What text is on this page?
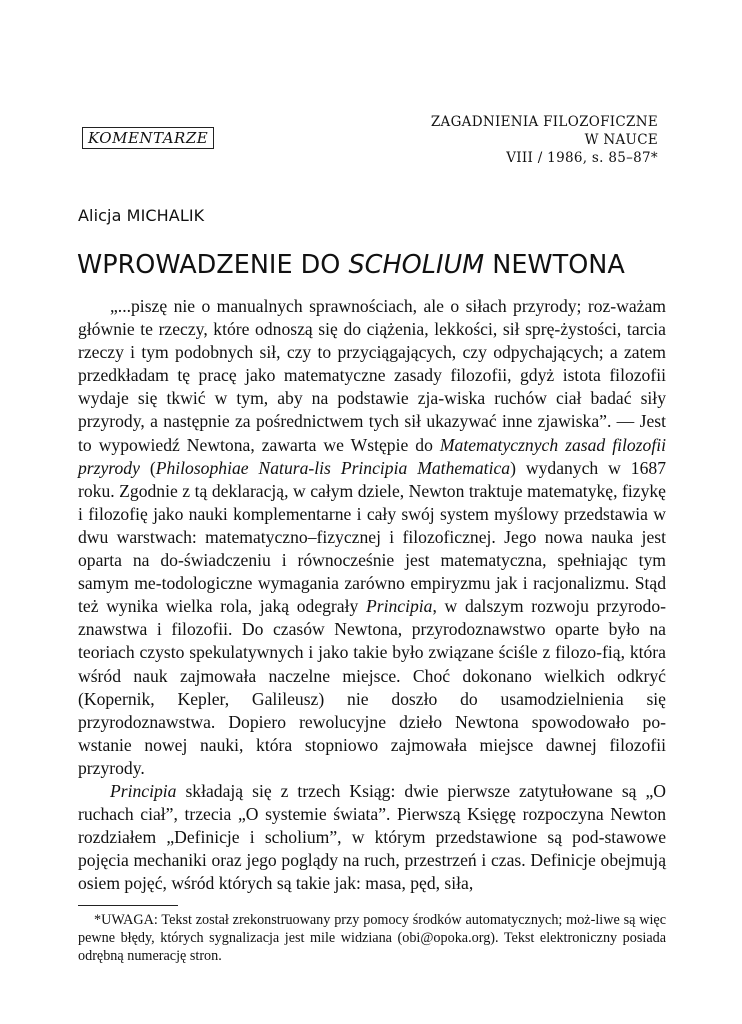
ZAGADNIENIA FILOZOFICZNE
W NAUCE
VIII / 1986, s. 85–87*
KOMENTARZE
Alicja MICHALIK
WPROWADZENIE DO SCHOLIUM NEWTONA

„...piszę nie o manualnych sprawnościach, ale o siłach przyrody; roz-ważam głównie te rzeczy, które odnoszą się do ciążenia, lekkości, sił sprę-żystości, tarcia rzeczy i tym podobnych sił, czy to przyciągających, czy odpychających; a zatem przedkładam tę pracę jako matematyczne zasady filozofii, gdyż istota filozofii wydaje się tkwić w tym, aby na podstawie zja-wiska ruchów ciał badać siły przyrody, a następnie za pośrednictwem tych sił ukazywać inne zjawiska”. — Jest to wypowiedź Newtona, zawarta we Wstępie do Matematycznych zasad filozofii przyrody (Philosophiae Natura-lis Principia Mathematica) wydanych w 1687 roku. Zgodnie z tą deklaracją, w całym dziele, Newton traktuje matematykę, fizykę i filozofię jako nauki komplementarne i cały swój system myślowy przedstawia w dwu warstwach: matematyczno–fizycznej i filozoficznej. Jego nowa nauka jest oparta na do-świadczeniu i równocześnie jest matematyczna, spełniając tym samym me-todologiczne wymagania zarówno empiryzmu jak i racjonalizmu. Stąd też wynika wielka rola, jaką odegrały Principia, w dalszym rozwoju przyrodo-znawstwa i filozofii. Do czasów Newtona, przyrodoznawstwo oparte było na teoriach czysto spekulatywnych i jako takie było związane ściśle z filozo-fią, która wśród nauk zajmowała naczelne miejsce. Choć dokonano wielkich odkryć (Kopernik, Kepler, Galileusz) nie doszło do usamodzielnienia się przyrodoznawstwa. Dopiero rewolucyjne dzieło Newtona spowodowało po-wstanie nowej nauki, która stopniowo zajmowała miejsce dawnej filozofii przyrody.

Principia składają się z trzech Ksiąg: dwie pierwsze zatytułowane są „O ruchach ciał”, trzecia „O systemie świata”. Pierwszą Księgę rozpoczyna Newton rozdziałem „Definicje i scholium”, w którym przedstawione są pod-stawowe pojęcia mechaniki oraz jego poglądy na ruch, przestrzeń i czas. Definicje obejmują osiem pojęć, wśród których są takie jak: masa, pęd, siła,

*UWAGA: Tekst został zrekonstruowany przy pomocy środków automatycznych; moż-liwe są więc pewne błędy, których sygnalizacja jest mile widziana (obi@opoka.org). Tekst elektroniczny posiada odrębną numerację stron.
